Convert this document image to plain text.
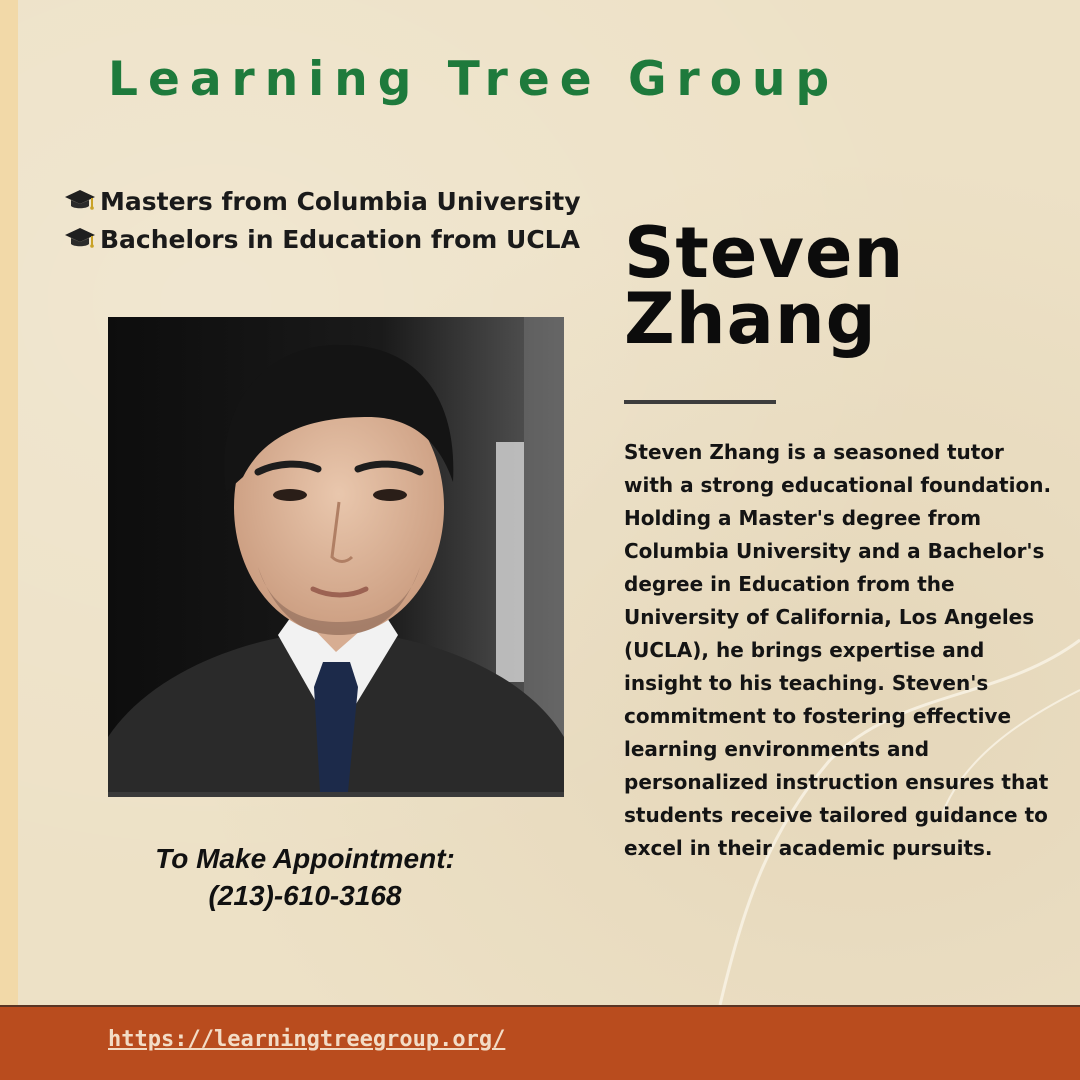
Learning Tree Group
Masters from Columbia University
Bachelors in Education from UCLA
To Make Appointment:
(213)-610-3168
Steven
Zhang

Steven Zhang is a seasoned tutor with a strong educational foundation. Holding a Master's degree from Columbia University and a Bachelor's degree in Education from the University of California, Los Angeles (UCLA), he brings expertise and insight to his teaching. Steven's commitment to fostering effective learning environments and personalized instruction ensures that students receive tailored guidance to excel in their academic pursuits.

https://learningtreegroup.org/
